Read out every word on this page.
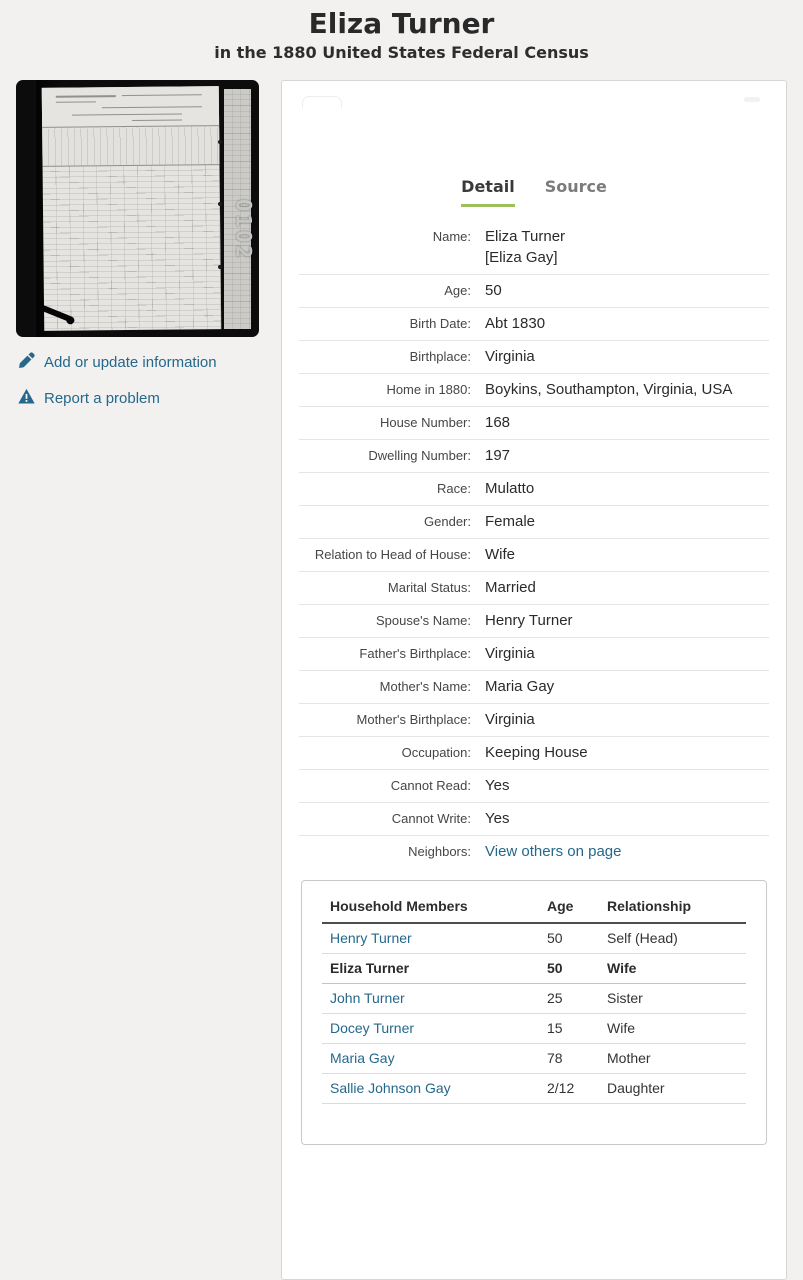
Eliza Turner
in the 1880 United States Federal Census
0102
Add or update information
Report a problem
Detail Source
Name: Eliza Turner
[Eliza Gay]
Age: 50
Birth Date: Abt 1830
Birthplace: Virginia
Home in 1880: Boykins, Southampton, Virginia, USA
House Number: 168
Dwelling Number: 197
Race: Mulatto
Gender: Female
Relation to Head of House: Wife
Marital Status: Married
Spouse's Name: Henry Turner
Father's Birthplace: Virginia
Mother's Name: Maria Gay
Mother's Birthplace: Virginia
Occupation: Keeping House
Cannot Read: Yes
Cannot Write: Yes
Neighbors: View others on page
Household Members	Age	Relationship
Henry Turner	50	Self (Head)
Eliza Turner	50	Wife
John Turner	25	Sister
Docey Turner	15	Wife
Maria Gay	78	Mother
Sallie Johnson Gay	2/12	Daughter
